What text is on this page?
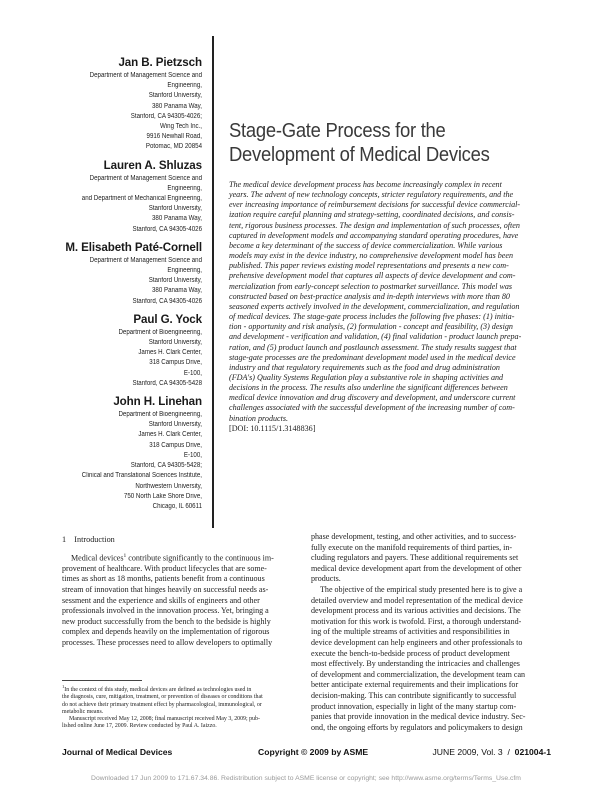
Jan B. Pietzsch
Department of Management Science and
Engineering,
Stanford University,
380 Panama Way,
Stanford, CA 94305-4026;
Wing Tech Inc.,
9916 Newhall Road,
Potomac, MD 20854
Lauren A. Shluzas
Department of Management Science and
Engineering,
and Department of Mechanical Engineering,
Stanford University,
380 Panama Way,
Stanford, CA 94305-4026
M. Elisabeth Paté-Cornell
Department of Management Science and
Engineering,
Stanford University,
380 Panama Way,
Stanford, CA 94305-4026
Paul G. Yock
Department of Bioengineering,
Stanford University,
James H. Clark Center,
318 Campus Drive,
E-100,
Stanford, CA 94305-5428
John H. Linehan
Department of Bioengineering,
Stanford University,
James H. Clark Center,
318 Campus Drive,
E-100,
Stanford, CA 94305-5428;
Clinical and Translational Sciences Institute,
Northwestern University,
750 North Lake Shore Drive,
Chicago, IL 60611
Stage-Gate Process for the
Development of Medical Devices
The medical device development process has become increasingly complex in recent
years. The advent of new technology concepts, stricter regulatory requirements, and the
ever increasing importance of reimbursement decisions for successful device commercial-
ization require careful planning and strategy-setting, coordinated decisions, and consis-
tent, rigorous business processes. The design and implementation of such processes, often
captured in development models and accompanying standard operating procedures, have
become a key determinant of the success of device commercialization. While various
models may exist in the device industry, no comprehensive development model has been
published. This paper reviews existing model representations and presents a new com-
prehensive development model that captures all aspects of device development and com-
mercialization from early-concept selection to postmarket surveillance. This model was
constructed based on best-practice analysis and in-depth interviews with more than 80
seasoned experts actively involved in the development, commercialization, and regulation
of medical devices. The stage-gate process includes the following five phases: (1) initia-
tion - opportunity and risk analysis, (2) formulation - concept and feasibility, (3) design
and development - verification and validation, (4) final validation - product launch prepa-
ration, and (5) product launch and postlaunch assessment. The study results suggest that
stage-gate processes are the predominant development model used in the medical device
industry and that regulatory requirements such as the food and drug administration
(FDA's) Quality Systems Regulation play a substantive role in shaping activities and
decisions in the process. The results also underline the significant differences between
medical device innovation and drug discovery and development, and underscore current
challenges associated with the successful development of the increasing number of com-
bination products.
[DOI: 10.1115/1.3148836]
1 Introduction
Medical devices$^1$ contribute significantly to the continuous im-
provement of healthcare. With product lifecycles that are some-
times as short as 18 months, patients benefit from a continuous
stream of innovation that hinges heavily on successful needs as-
sessment and the experience and skills of engineers and other
professionals involved in the innovation process. Yet, bringing a
new product successfully from the bench to the bedside is highly
complex and depends heavily on the implementation of rigorous
processes. These processes need to allow developers to optimally
phase development, testing, and other activities, and to success-
fully execute on the manifold requirements of third parties, in-
cluding regulators and payers. These additional requirements set
medical device development apart from the development of other
products.
The objective of the empirical study presented here is to give a
detailed overview and model representation of the medical device
development process and its various activities and decisions. The
motivation for this work is twofold. First, a thorough understand-
ing of the multiple streams of activities and responsibilities in
device development can help engineers and other professionals to
execute the bench-to-bedside process of product development
most effectively. By understanding the intricacies and challenges
of development and commercialization, the development team can
better anticipate external requirements and their implications for
decision-making. This can contribute significantly to successful
product innovation, especially in light of the many startup com-
panies that provide innovation in the medical device industry. Sec-
ond, the ongoing efforts by regulators and policymakers to design
$^1$In the context of this study, medical devices are defined as technologies used in
the diagnosis, cure, mitigation, treatment, or prevention of diseases or conditions that
do not achieve their primary treatment effect by pharmacological, immunological, or
metabolic means.
Manuscript received May 12, 2008; final manuscript received May 3, 2009; pub-
lished online June 17, 2009. Review conducted by Paul A. Iaizzo.
Journal of Medical Devices	Copyright © 2009 by ASME	JUNE 2009, Vol. 3 / 021004-1
Downloaded 17 Jun 2009 to 171.67.34.86. Redistribution subject to ASME license or copyright; see http://www.asme.org/terms/Terms_Use.cfm
